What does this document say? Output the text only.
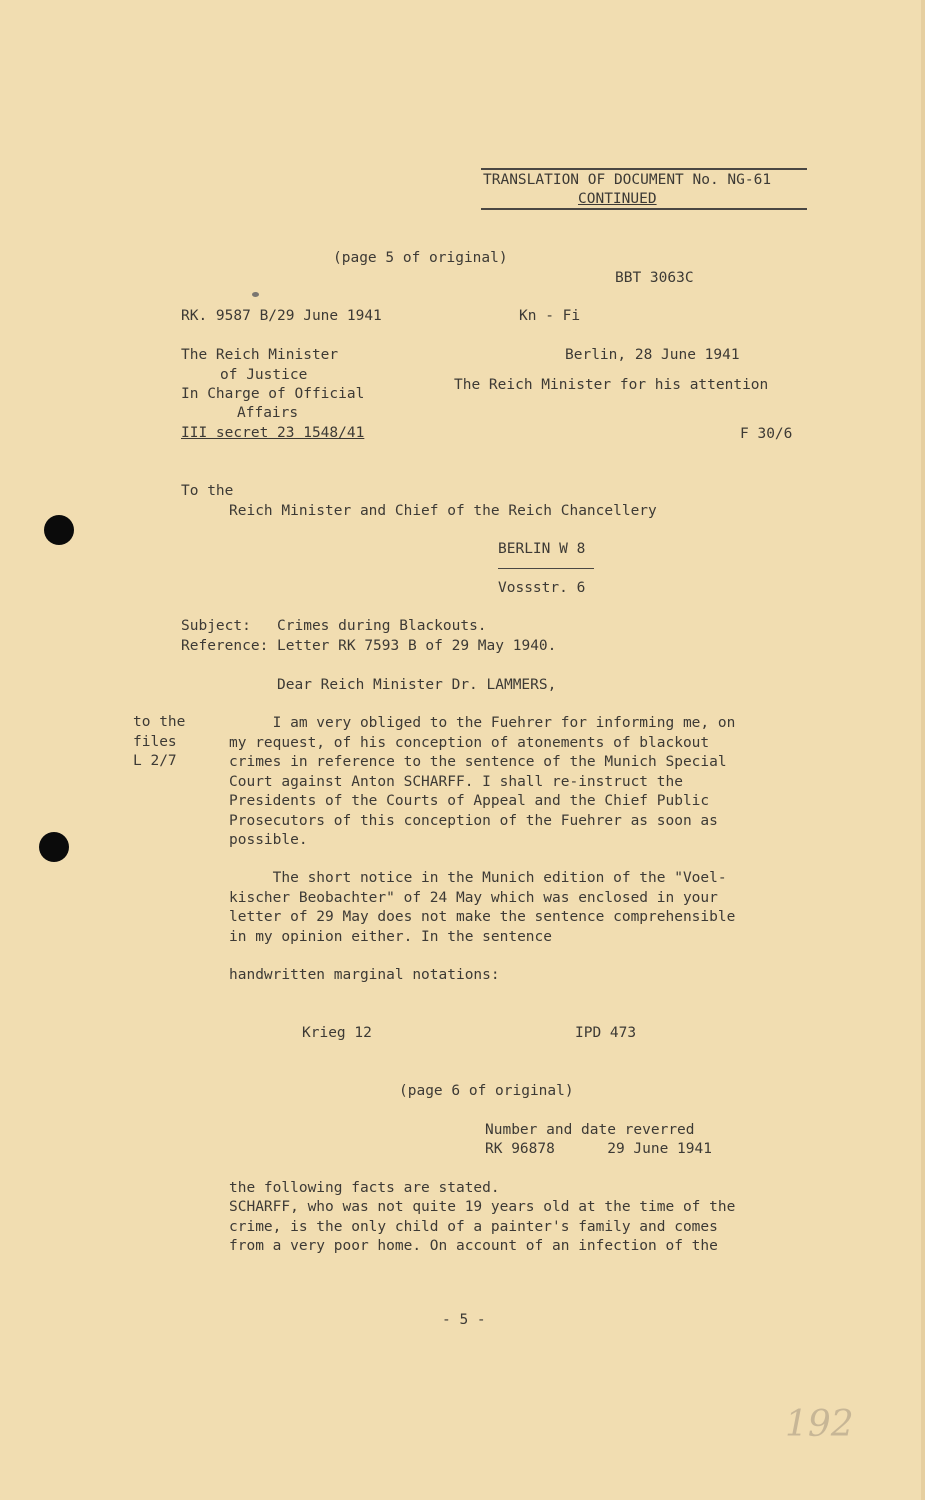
TRANSLATION OF DOCUMENT No. NG-61
CONTINUED

(page 5 of original)

BBT 3063C

RK. 9587 B/29 June 1941	Kn - Fi

The Reich Minister

of Justice

In Charge of Official

Affairs

III secret 23 1548/41

Berlin, 28 June 1941

The Reich Minister for his attention

F 30/6

To the

Reich Minister and Chief of the Reich Chancellery

BERLIN W 8

Vossstr. 6

Subject:   Crimes during Blackouts.

Reference: Letter RK 7593 B of 29 May 1940.

Dear Reich Minister Dr. LAMMERS,

to the

files

L 2/7

I am very obliged to the Fuehrer for informing me, on

my request, of his conception of atonements of blackout

crimes in reference to the sentence of the Munich Special

Court against Anton SCHARFF. I shall re-instruct the

Presidents of the Courts of Appeal and the Chief Public

Prosecutors of this conception of the Fuehrer as soon as

possible.

The short notice in the Munich edition of the "Voel-

kischer Beobachter" of 24 May which was enclosed in your

letter of 29 May does not make the sentence comprehensible

in my opinion either. In the sentence

handwritten marginal notations:

Krieg 12	IPD 473

(page 6 of original)

Number and date reverred

RK 96878      29 June 1941

the following facts are stated.

SCHARFF, who was not quite 19 years old at the time of the

crime, is the only child of a painter's family and comes

from a very poor home. On account of an infection of the

- 5 -

192
